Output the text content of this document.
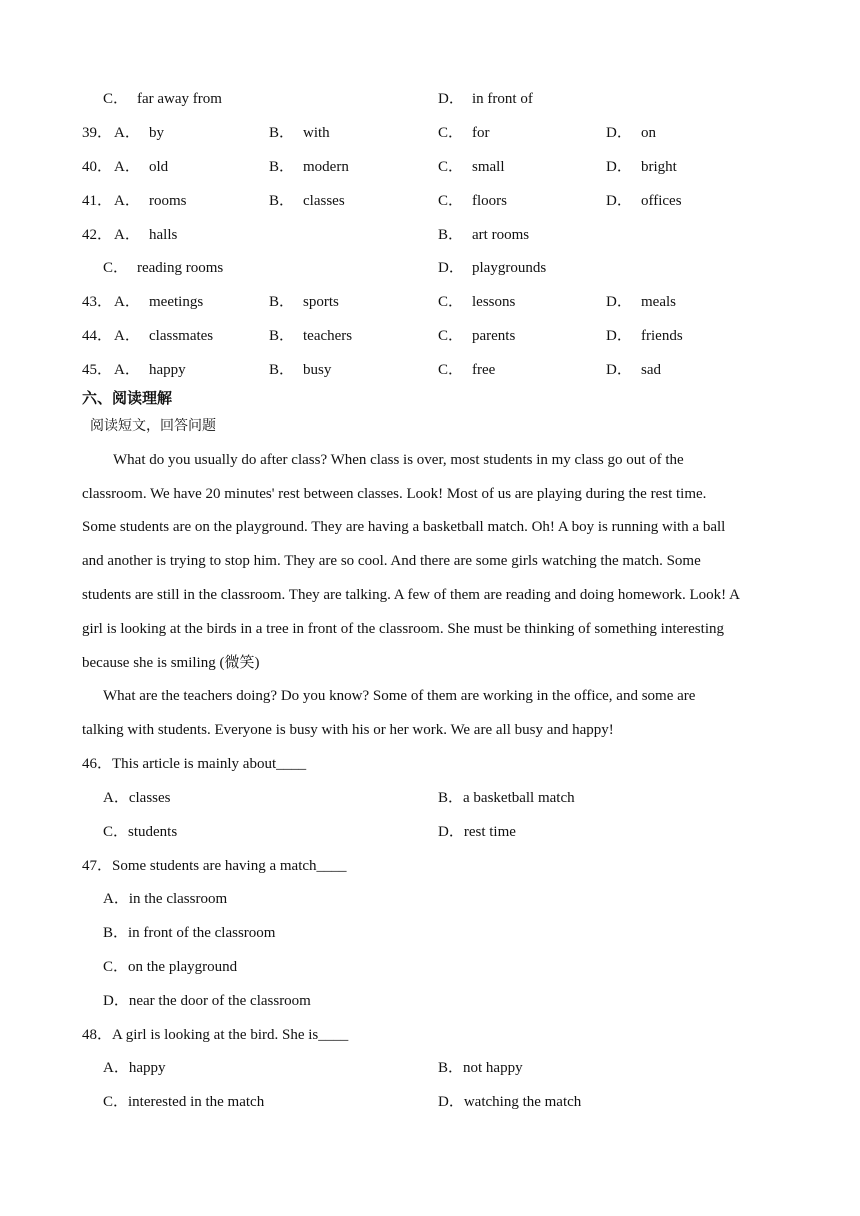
C． far away from	D． in front of
39． A． by	B． with	C． for	D． on
40． A． old	B． modern	C． small	D． bright
41． A． rooms	B． classes	C． floors	D． offices
42． A． halls	B． art rooms
C． reading rooms	D． playgrounds
43． A． meetings	B． sports	C． lessons	D． meals
44． A． classmates	B． teachers	C． parents	D． friends
45． A． happy	B． busy	C． free	D． sad
六、阅读理解
阅读短文，回答问题
What do you usually do after class? When class is over, most students in my class go out of the
classroom. We have 20 minutes' rest between classes. Look! Most of us are playing during the rest time.
Some students are on the playground. They are having a basketball match. Oh! A boy is running with a ball
and another is trying to stop him. They are so cool. And there are some girls watching the match. Some
students are still in the classroom. They are talking. A few of them are reading and doing homework. Look! A
girl is looking at the birds in a tree in front of the classroom. She must be thinking of something interesting
because she is smiling (微笑)
What are the teachers doing? Do you know? Some of them are working in the office, and some are
talking with students. Everyone is busy with his or her work. We are all busy and happy!
46．This article is mainly about____
A．classes	B．a basketball match
C．students	D．rest time
47．Some students are having a match____
A．in the classroom
B．in front of the classroom
C．on the playground
D．near the door of the classroom
48．A girl is looking at the bird. She is____
A．happy	B．not happy
C．interested in the match	D．watching the match
